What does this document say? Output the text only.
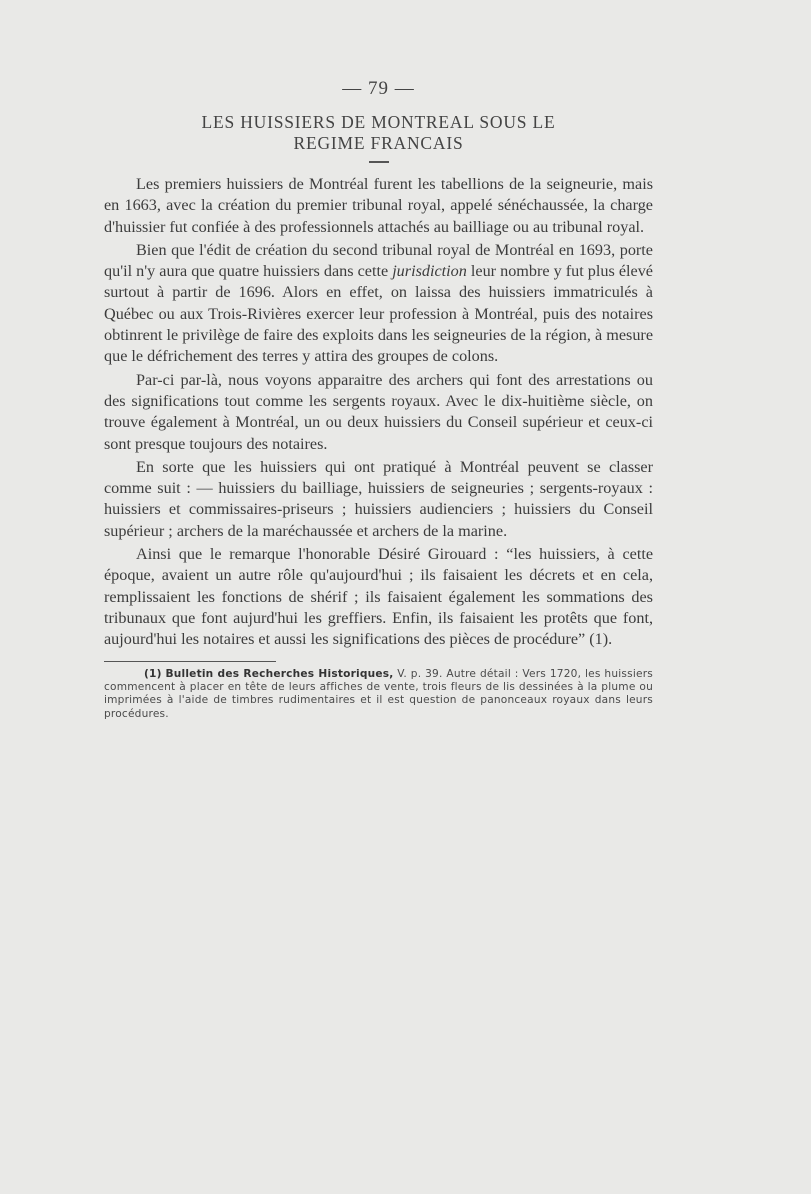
— 79 —
LES HUISSIERS DE MONTREAL SOUS LE
REGIME FRANCAIS

Les premiers huissiers de Montréal furent les tabellions de la seigneurie, mais en 1663, avec la création du premier tribunal royal, appelé sénéchaussée, la charge d'huissier fut confiée à des professionnels attachés au bailliage ou au tribunal royal.

Bien que l'édit de création du second tribunal royal de Montréal en 1693, porte qu'il n'y aura que quatre huissiers dans cette jurisdiction leur nombre y fut plus élevé surtout à partir de 1696. Alors en effet, on laissa des huissiers immatriculés à Québec ou aux Trois-Rivières exercer leur profession à Montréal, puis des notaires obtinrent le privilège de faire des exploits dans les seigneuries de la région, à mesure que le défrichement des terres y attira des groupes de colons.

Par-ci par-là, nous voyons apparaitre des archers qui font des arrestations ou des significations tout comme les sergents royaux. Avec le dix-huitième siècle, on trouve également à Montréal, un ou deux huissiers du Conseil supérieur et ceux-ci sont presque toujours des notaires.

En sorte que les huissiers qui ont pratiqué à Montréal peuvent se classer comme suit : — huissiers du bailliage, huissiers de seigneuries ; sergents-royaux : huissiers et commissaires-priseurs ; huissiers audienciers ; huissiers du Conseil supérieur ; archers de la maréchaussée et archers de la marine.

Ainsi que le remarque l'honorable Désiré Girouard : “les huissiers, à cette époque, avaient un autre rôle qu'aujourd'hui ; ils faisaient les décrets et en cela, remplissaient les fonctions de shérif ; ils faisaient également les sommations des tribunaux que font aujurd'hui les greffiers. Enfin, ils faisaient les protêts que font, aujourd'hui les notaires et aussi les significations des pièces de procédure” (1).

(1) Bulletin des Recherches Historiques, V. p. 39. Autre détail : Vers 1720, les huissiers commencent à placer en tête de leurs affiches de vente, trois fleurs de lis dessinées à la plume ou imprimées à l'aide de timbres rudimentaires et il est question de panonceaux royaux dans leurs procédures.
